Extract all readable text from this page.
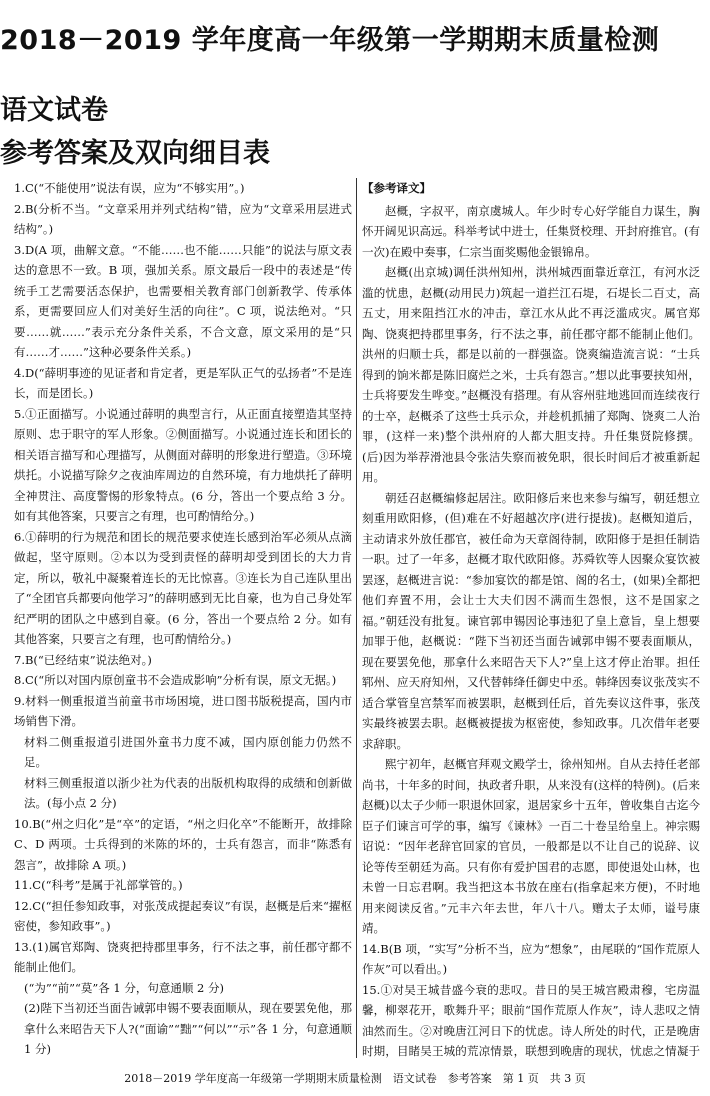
2018－2019 学年度高一年级第一学期期末质量检测
语文试卷
参考答案及双向细目表

1.C(“不能使用”说法有误，应为“不够实用”。)

2.B(分析不当。“文章采用并列式结构”错，应为“文章采用层进式结构”。)

3.D(A 项，曲解文意。“不能……也不能……只能”的说法与原文表达的意思不一致。B 项，强加关系。原文最后一段中的表述是“传统手工艺需要活态保护，也需要相关教育部门创新教学、传承体系，更需要回应人们对美好生活的向往”。C 项，说法绝对。“只要……就……”表示充分条件关系，不合文意，原文采用的是“只有……才……”这种必要条件关系。)

4.D(“薛明事迹的见证者和肯定者，更是军队正气的弘扬者”不是连长，而是团长。)

5.①正面描写。小说通过薛明的典型言行，从正面直接塑造其坚持原则、忠于职守的军人形象。②侧面描写。小说通过连长和团长的相关语言描写和心理描写，从侧面对薛明的形象进行塑造。③环境烘托。小说描写除夕之夜油库周边的自然环境，有力地烘托了薛明全神贯注、高度警惕的形象特点。(6 分，答出一个要点给 3 分。如有其他答案，只要言之有理，也可酌情给分。)

6.①薛明的行为规范和团长的规范要求使连长感到治军必须从点滴做起，坚守原则。②本以为受到责怪的薛明却受到团长的大力肯定，所以，敬礼中凝聚着连长的无比惊喜。③连长为自己连队里出了“全团官兵都要向他学习”的薛明感到无比自豪，也为自己身处军纪严明的团队之中感到自豪。(6 分，答出一个要点给 2 分。如有其他答案，只要言之有理，也可酌情给分。)

7.B(“已经结束”说法绝对。)

8.C(“所以对国内原创童书不会造成影响”分析有误，原文无据。)

9.材料一侧重报道当前童书市场困境，进口图书版税提高，国内市场销售下滑。

材料二侧重报道引进国外童书力度不减，国内原创能力仍然不足。

材料三侧重报道以浙少社为代表的出版机构取得的成绩和创新做法。(每小点 2 分)

10.B(“州之归化”是“卒”的定语，“州之归化卒”不能断开，故排除 C、D 两项。士兵得到的米陈的坏的，士兵有怨言，而非“陈悉有怨言”，故排除 A 项。)

11.C(“科考”是属于礼部掌管的。)

12.C(“担任参知政事，对张茂成提起奏议”有误，赵概是后来“擢枢密使，参知政事”。)

13.(1)属官郑陶、饶爽把持郡里事务，行不法之事，前任郡守都不能制止他们。

(“为”“前”“莫”各 1 分，句意通顺 2 分)

(2)陛下当初还当面告诫郭申锡不要表面顺从，现在要罢免他，那拿什么来昭告天下人?(“面谕”“黜”“何以”“示”各 1 分，句意通顺 1 分)

【参考译文】

赵概，字叔平，南京虞城人。年少时专心好学能自力谋生，胸怀开阔见识高远。科举考试中进士，任集贤校理、开封府推官。(有一次)在殿中奏事，仁宗当面奖赐他金银锦帛。

赵概(出京城)调任洪州知州，洪州城西面靠近章江，有河水泛滥的忧患，赵概(动用民力)筑起一道拦江石堤，石堤长二百丈，高五丈，用来阻挡江水的冲击，章江水从此不再泛滥成灾。属官郑陶、饶爽把持郡里事务，行不法之事，前任郡守都不能制止他们。洪州的归顺士兵，都是以前的一群强盗。饶爽编造流言说：“士兵得到的饷米都是陈旧腐烂之米，士兵有怨言。”想以此事要挟知州，士兵将要发生哗变。”赵概没有搭理。有从容州驻地逃回而连续夜行的士卒，赵概杀了这些士兵示众，并趁机抓捕了郑陶、饶爽二人治罪，(这样一来)整个洪州府的人都大胆支持。升任集贤院修撰。(后)因为举荐滑池县令张洁失察而被免职，很长时间后才被重新起用。

朝廷召赵概编修起居注。欧阳修后来也来参与编写，朝廷想立刻重用欧阳修，(但)难在不好超越次序(进行提拔)。赵概知道后，主动请求外放任郡官，被任命为天章阁待制，欧阳修于是担任制诰一职。过了一年多，赵概才取代欧阳修。苏舜钦等人因聚众宴饮被罢逐，赵概进言说：“参加宴饮的都是馆、阁的名士，(如果)全都把他们弃置不用，会让士大夫们因不满而生怨恨，这不是国家之福。”朝廷没有批复。谏官郭申锡因论事违犯了皇上意旨，皇上想要加罪于他，赵概说：“陛下当初还当面告诫郭申锡不要表面顺从，现在要罢免他，那拿什么来昭告天下人?”皇上这才停止治罪。担任郓州、应天府知州，又代替韩绛任御史中丞。韩绛因奏议张茂实不适合掌管皇宫禁军而被罢职，赵概到任后，首先奏议这件事，张茂实最终被罢去职。赵概被提拔为枢密使，参知政事。几次借年老要求辞职。

熙宁初年，赵概官拜观文殿学士，徐州知州。自从去持任老部尚书，十年多的时间，执政者升职，从来没有(这样的特例)。(后来赵概)以太子少师一职退休回家，退居家乡十五年，曾收集自古迄今臣子们谏言可学的事，编写《谏林》一百二十卷呈给皇上。神宗赐诏说：“因年老辞官回家的官员，一般都是以不让自己的说辞、议论等传至朝廷为高。只有你有爱护国君的志愿，即使退处山林，也未曾一日忘君啊。我当把这本书放在座右(指拿起来方便)，不时地用来阅读反省。”元丰六年去世，年八十八。赠太子太师，谥号康靖。

14.B(B 项，“实写”分析不当，应为“想象”，由尾联的“国作荒原人作灰”可以看出。)

15.①对吴王城昔盛今衰的悲叹。昔日的吴王城宫殿肃穆，宅房温馨，柳翠花开，歌舞升平；眼前“国作荒原人作灰”，诗人悲叹之情油然而生。②对晚唐江河日下的忧虑。诗人所处的时代，正是晚唐时期，目睹吴王城的荒凉情景，联想到晚唐的现状，忧虑之情凝于

2018－2019 学年度高一年级第一学期期末质量检测　语文试卷　参考答案　第 1 页　共 3 页
